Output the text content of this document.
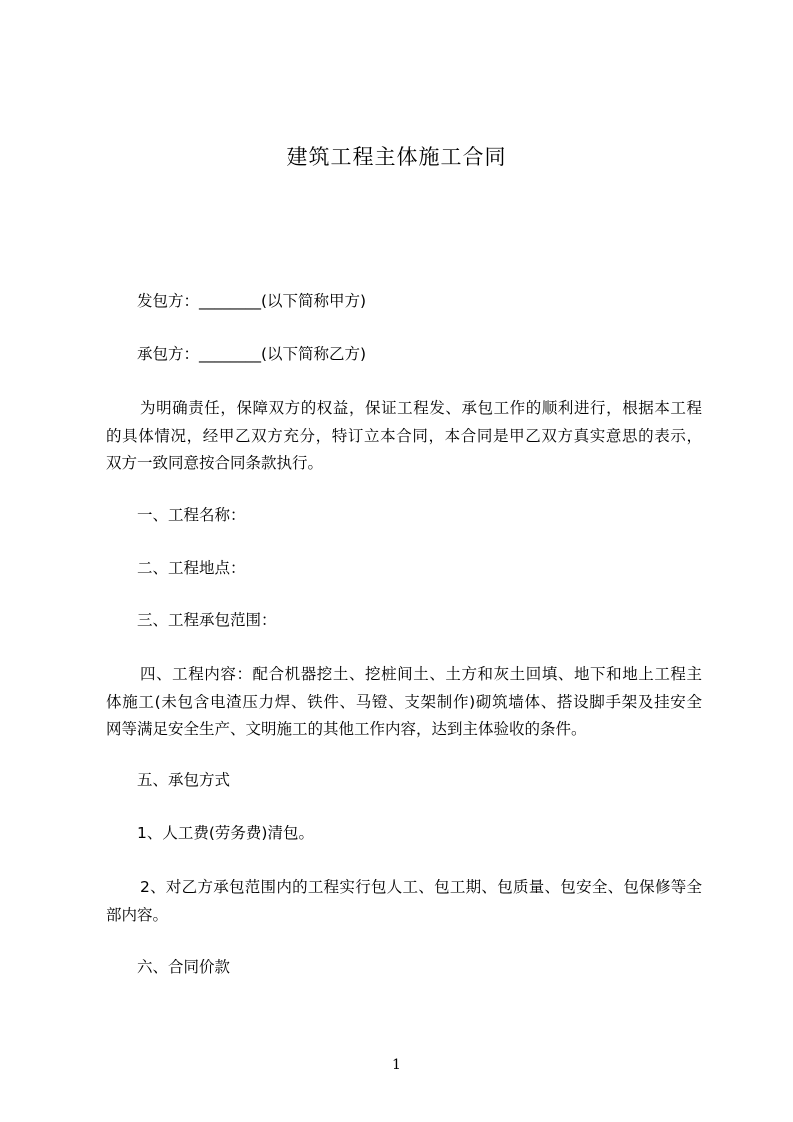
建筑工程主体施工合同
发包方：________(以下简称甲方)
承包方：________(以下简称乙方)
为明确责任，保障双方的权益，保证工程发、承包工作的顺利进行，根据本工程
的具体情况，经甲乙双方充分，特订立本合同，本合同是甲乙双方真实意思的表示，
双方一致同意按合同条款执行。
一、工程名称：
二、工程地点：
三、工程承包范围：
四、工程内容：配合机器挖土、挖桩间土、土方和灰土回填、地下和地上工程主
体施工(未包含电渣压力焊、铁件、马镫、支架制作)砌筑墙体、搭设脚手架及挂安全
网等满足安全生产、文明施工的其他工作内容，达到主体验收的条件。
五、承包方式
1、人工费(劳务费)清包。
2、对乙方承包范围内的工程实行包人工、包工期、包质量、包安全、包保修等全
部内容。
六、合同价款
1
